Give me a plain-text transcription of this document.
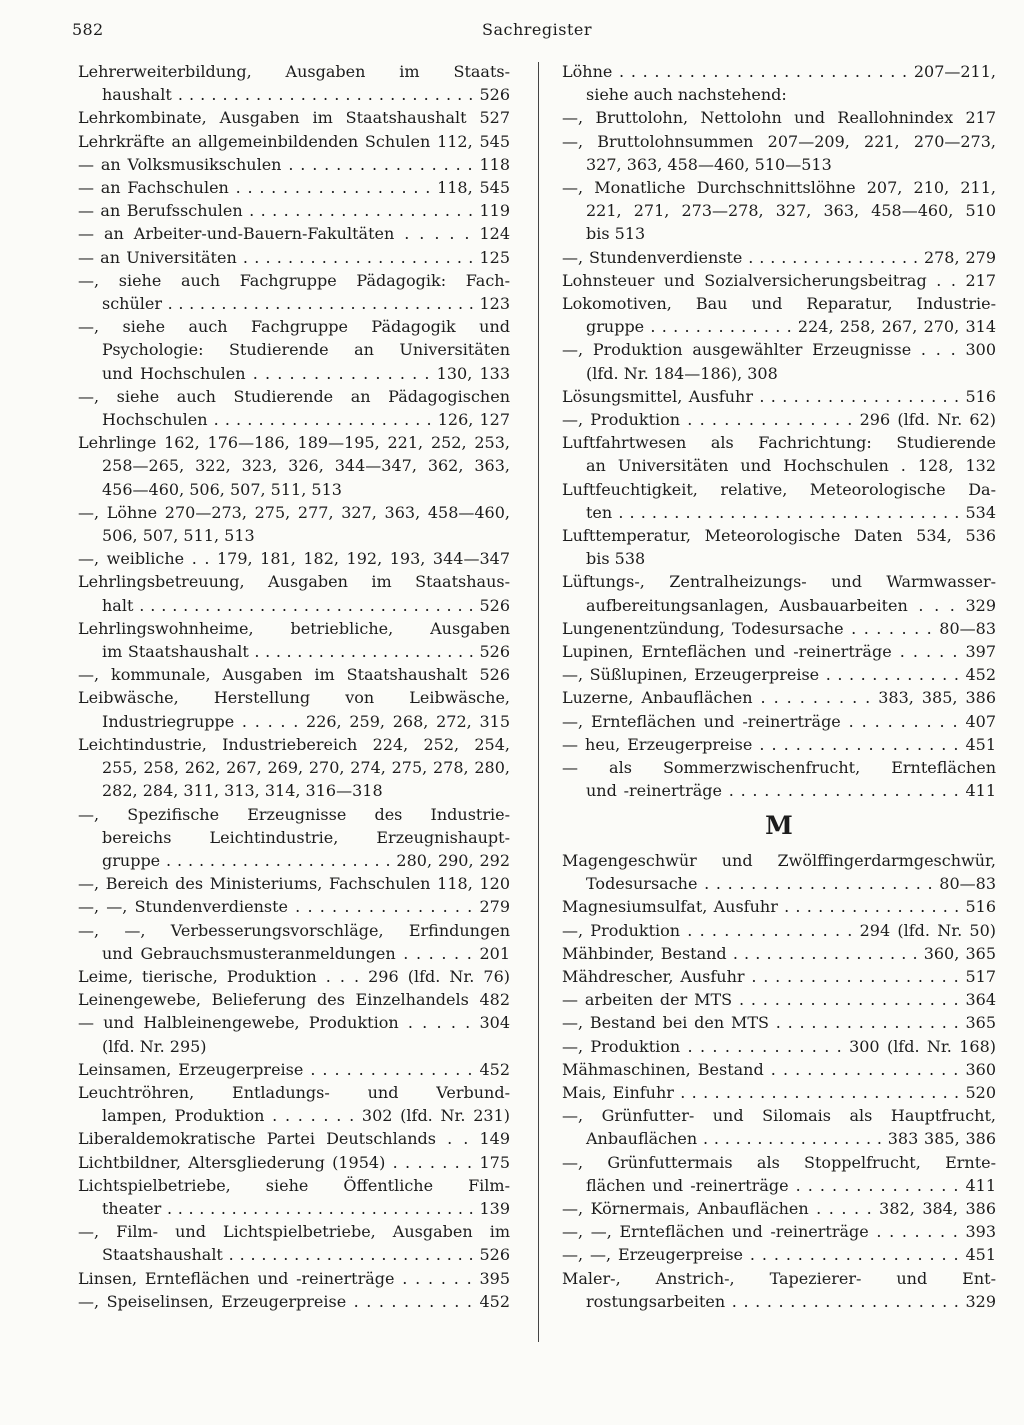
582	Sachregister
Lehrerweiterbildung, Ausgaben im Staats-
haushalt . . . . . . . . . . . . . . . . . . . . . . . . . . . 526
Lehrkombinate, Ausgaben im Staatshaushalt 527
Lehrkräfte an allgemeinbildenden Schulen 112, 545
— an Volksmusikschulen . . . . . . . . . . . . . . . . 118
— an Fachschulen . . . . . . . . . . . . . . . . . 118, 545
— an Berufsschulen . . . . . . . . . . . . . . . . . . . . 119
— an Arbeiter-und-Bauern-Fakultäten . . . . . 124
— an Universitäten . . . . . . . . . . . . . . . . . . . . . 125
—, siehe auch Fachgruppe Pädagogik: Fach-
schüler . . . . . . . . . . . . . . . . . . . . . . . . . . . . . 123
—, siehe auch Fachgruppe Pädagogik und
Psychologie: Studierende an Universitäten
und Hochschulen . . . . . . . . . . . . . . . 130, 133
—, siehe auch Studierende an Pädagogischen
Hochschulen . . . . . . . . . . . . . . . . . . . . 126, 127
Lehrlinge 162, 176—186, 189—195, 221, 252, 253,
258—265, 322, 323, 326, 344—347, 362, 363,
456—460, 506, 507, 511, 513
—, Löhne 270—273, 275, 277, 327, 363, 458—460,
506, 507, 511, 513
—, weibliche . . 179, 181, 182, 192, 193, 344—347
Lehrlingsbetreuung, Ausgaben im Staatshaus-
halt . . . . . . . . . . . . . . . . . . . . . . . . . . . . . . . 526
Lehrlingswohnheime, betriebliche, Ausgaben
im Staatshaushalt . . . . . . . . . . . . . . . . . . . . . 526
—, kommunale, Ausgaben im Staatshaushalt 526
Leibwäsche, Herstellung von Leibwäsche,
Industriegruppe . . . . . 226, 259, 268, 272, 315
Leichtindustrie, Industriebereich 224, 252, 254,
255, 258, 262, 267, 269, 270, 274, 275, 278, 280,
282, 284, 311, 313, 314, 316—318
—, Spezifische Erzeugnisse des Industrie-
bereichs Leichtindustrie, Erzeugnishaupt-
gruppe . . . . . . . . . . . . . . . . . . . . . 280, 290, 292
—, Bereich des Ministeriums, Fachschulen 118, 120
—, —, Stundenverdienste . . . . . . . . . . . . . . . 279
—, —, Verbesserungsvorschläge, Erfindungen
und Gebrauchsmusteranmeldungen . . . . . . 201
Leime, tierische, Produktion . . . 296 (lfd. Nr. 76)
Leinengewebe, Belieferung des Einzelhandels 482
— und Halbleinengewebe, Produktion . . . . . 304
(lfd. Nr. 295)
Leinsamen, Erzeugerpreise . . . . . . . . . . . . . . 452
Leuchtröhren, Entladungs- und Verbund-
lampen, Produktion . . . . . . . 302 (lfd. Nr. 231)
Liberaldemokratische Partei Deutschlands . . 149
Lichtbildner, Altersgliederung (1954) . . . . . . . 175
Lichtspielbetriebe, siehe Öffentliche Film-
theater . . . . . . . . . . . . . . . . . . . . . . . . . . . . . 139
—, Film- und Lichtspielbetriebe, Ausgaben im
Staatshaushalt . . . . . . . . . . . . . . . . . . . . . . . 526
Linsen, Ernteflächen und -reinerträge . . . . . . 395
—, Speiselinsen, Erzeugerpreise . . . . . . . . . . 452
Löhne . . . . . . . . . . . . . . . . . . . . . . . . . 207—211,
siehe auch nachstehend:
—, Bruttolohn, Nettolohn und Reallohnindex 217
—, Bruttolohnsummen 207—209, 221, 270—273,
327, 363, 458—460, 510—513
—, Monatliche Durchschnittslöhne 207, 210, 211,
221, 271, 273—278, 327, 363, 458—460, 510
bis 513
—, Stundenverdienste . . . . . . . . . . . . . . . . 278, 279
Lohnsteuer und Sozialversicherungsbeitrag . . 217
Lokomotiven, Bau und Reparatur, Industrie-
gruppe . . . . . . . . . . . . . 224, 258, 267, 270, 314
—, Produktion ausgewählter Erzeugnisse . . . 300
(lfd. Nr. 184—186), 308
Lösungsmittel, Ausfuhr . . . . . . . . . . . . . . . . . . 516
—, Produktion . . . . . . . . . . . . . . 296 (lfd. Nr. 62)
Luftfahrtwesen als Fachrichtung: Studierende
an Universitäten und Hochschulen . 128, 132
Luftfeuchtigkeit, relative, Meteorologische Da-
ten . . . . . . . . . . . . . . . . . . . . . . . . . . . . . . . 534
Lufttemperatur, Meteorologische Daten 534, 536
bis 538
Lüftungs-, Zentralheizungs- und Warmwasser-
aufbereitungsanlagen, Ausbauarbeiten . . . 329
Lungenentzündung, Todesursache . . . . . . . 80—83
Lupinen, Ernteflächen und -reinerträge . . . . . 397
—, Süßlupinen, Erzeugerpreise . . . . . . . . . . . . 452
Luzerne, Anbauflächen . . . . . . . . . 383, 385, 386
—, Ernteflächen und -reinerträge . . . . . . . . . 407
— heu, Erzeugerpreise . . . . . . . . . . . . . . . . . 451
— als Sommerzwischenfrucht, Ernteflächen
und -reinerträge . . . . . . . . . . . . . . . . . . . . 411
M
Magengeschwür und Zwölffingerdarmgeschwür,
Todesursache . . . . . . . . . . . . . . . . . . . . 80—83
Magnesiumsulfat, Ausfuhr . . . . . . . . . . . . . . . . 516
—, Produktion . . . . . . . . . . . . . . 294 (lfd. Nr. 50)
Mähbinder, Bestand . . . . . . . . . . . . . . . . . 360, 365
Mähdrescher, Ausfuhr . . . . . . . . . . . . . . . . . . 517
— arbeiten der MTS . . . . . . . . . . . . . . . . . . . 364
—, Bestand bei den MTS . . . . . . . . . . . . . . . . 365
—, Produktion . . . . . . . . . . . . . 300 (lfd. Nr. 168)
Mähmaschinen, Bestand . . . . . . . . . . . . . . . . 360
Mais, Einfuhr . . . . . . . . . . . . . . . . . . . . . . . . . 520
—, Grünfutter- und Silomais als Hauptfrucht,
Anbauflächen . . . . . . . . . . . . . . . . . 383 385, 386
—, Grünfuttermais als Stoppelfrucht, Ernte-
flächen und -reinerträge . . . . . . . . . . . . . . 411
—, Körnermais, Anbauflächen . . . . . 382, 384, 386
—, —, Ernteflächen und -reinerträge . . . . . . . 393
—, —, Erzeugerpreise . . . . . . . . . . . . . . . . . . 451
Maler-, Anstrich-, Tapezierer- und Ent-
rostungsarbeiten . . . . . . . . . . . . . . . . . . . . 329
